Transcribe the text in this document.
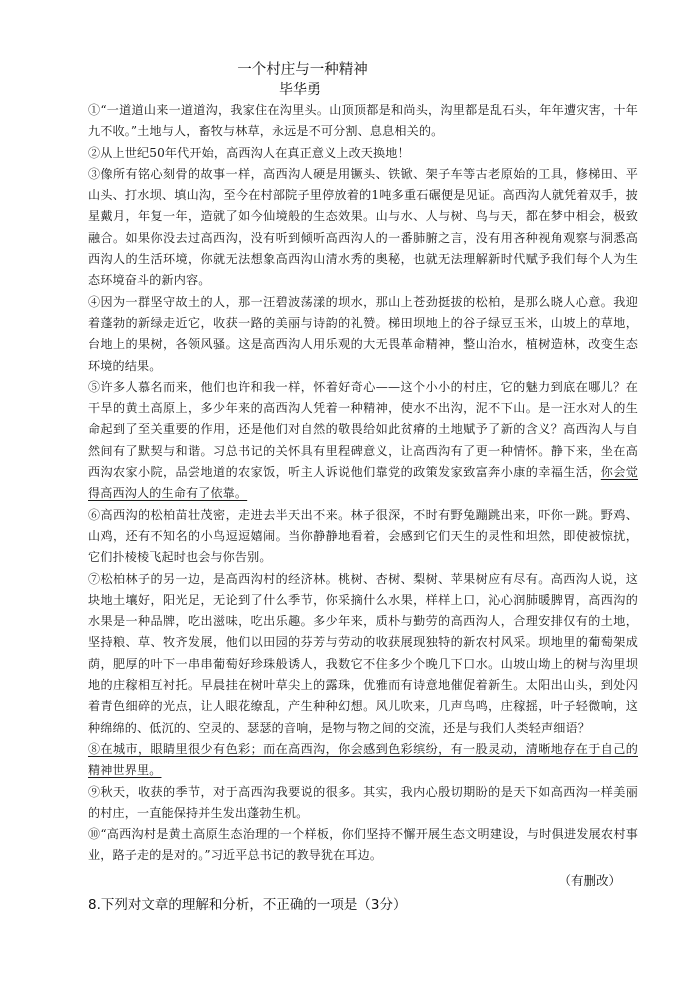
一个村庄与一种精神
毕华勇

①“一道道山来一道道沟，我家住在沟里头。山顶顶都是和尚头，沟里都是乱石头，年年遭灾害，十年九不收。”土地与人，畜牧与林草，永远是不可分割、息息相关的。

②从上世纪50年代开始，高西沟人在真正意义上改天换地！

③像所有铭心刻骨的故事一样，高西沟人硬是用镢头、铁锨、架子车等古老原始的工具，修梯田、平山头、打水坝、填山沟，至今在村部院子里停放着的1吨多重石碾便是见证。高西沟人就凭着双手，披星戴月，年复一年，造就了如今仙境般的生态效果。山与水、人与树、鸟与天，都在梦中相会，极致融合。如果你没去过高西沟，没有听到倾听高西沟人的一番肺腑之言，没有用吝种视角观察与洞悉高西沟人的生活环境，你就无法想象高西沟山清水秀的奥秘，也就无法理解新时代赋予我们每个人为生态环境奋斗的新内容。

④因为一群坚守故土的人，那一汪碧波荡漾的坝水，那山上苍劲挺拔的松柏，是那么晓人心意。我迎着蓬勃的新绿走近它，收获一路的美丽与诗韵的礼赞。梯田坝地上的谷子绿豆玉米，山坡上的草地，台地上的果树，各领风骚。这是高西沟人用乐观的大无畏革命精神，整山治水，植树造林，改变生态环境的结果。

⑤许多人慕名而来，他们也许和我一样，怀着好奇心——这个小小的村庄，它的魅力到底在哪儿？在干旱的黄土高原上，多少年来的高西沟人凭着一种精神，使水不出沟，泥不下山。是一汪水对人的生命起到了至关重要的作用，还是他们对自然的敬畏给如此贫瘠的土地赋予了新的含义？高西沟人与自然间有了默契与和谐。习总书记的关怀具有里程碑意义，让高西沟有了更一种情怀。静下来，坐在高西沟农家小院，品尝地道的农家饭，听主人诉说他们靠党的政策发家致富奔小康的幸福生活，你会觉得高西沟人的生命有了依靠。

⑥高西沟的松柏苗壮茂密，走进去半天出不来。林子很深，不时有野兔蹦跳出来，吓你一跳。野鸡、山鸡，还有不知名的小鸟逗逗嬉闹。当你静静地看着，会感到它们天生的灵性和坦然，即使被惊扰，它们扑棱棱飞起时也会与你告别。

⑦松柏林子的另一边，是高西沟村的经济林。桃树、杏树、梨树、苹果树应有尽有。高西沟人说，这块地土壤好，阳光足，无论到了什么季节，你采摘什么水果，样样上口，沁心润肺暖脾胃，高西沟的水果是一种品牌，吃出滋味，吃出乐趣。多少年来，质朴与勤劳的高西沟人，合理安排仅有的土地，坚持粮、草、牧齐发展，他们以田园的芬芳与劳动的收获展现独特的新农村风采。坝地里的葡萄架成荫，肥厚的叶下一串串葡萄好珍珠般诱人，我数它不住多少个晚几下口水。山坡山坳上的树与沟里坝地的庄稼相互衬托。早晨挂在树叶草尖上的露珠，优雅而有诗意地催促着新生。太阳出山头，到处闪着青色细碎的光点，让人眼花缭乱，产生种种幻想。风儿吹来，几声鸟鸣，庄稼摇，叶子轻微响，这种绵绵的、低沉的、空灵的、瑟瑟的音响，是物与物之间的交流，还是与我们人类轻声细语？

⑧在城市，眼睛里很少有色彩；而在高西沟，你会感到色彩缤纷，有一股灵动，清晰地存在于自己的精神世界里。

⑨秋天，收获的季节，对于高西沟我要说的很多。其实，我内心殷切期盼的是天下如高西沟一样美丽的村庄，一直能保持并生发出蓬勃生机。

⑩“高西沟村是黄土高原生态治理的一个样板，你们坚持不懈开展生态文明建设，与时俱进发展农村事业，路子走的是对的。”习近平总书记的教导犹在耳边。

（有删改）
8.下列对文章的理解和分析，不正确的一项是（3分）
